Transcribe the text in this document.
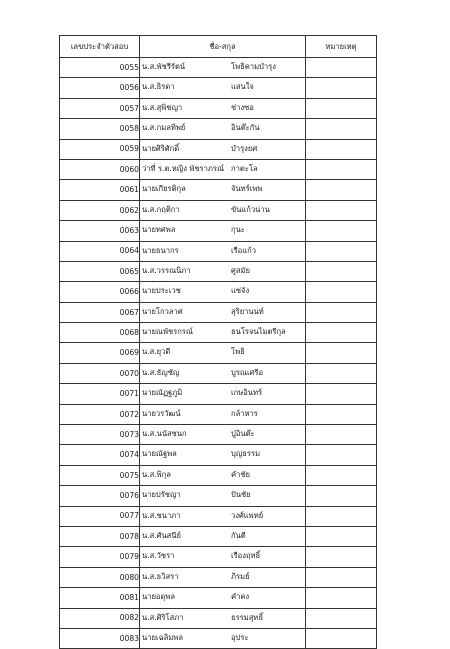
เลขประจำตัวสอบ	ชื่อ-สกุล	หมายเหตุ
0055	น.ส.พัชรีรัตน์ โพธิคามบำรุง	

0056	น.ส.ธิรดา แสนใจ	

0057	น.ส.สุพิชญา ช่างซอ	

0058	น.ส.กมลทิพย์ อินต๊ะกัน	

0059	นายศิริศักดิ์ บำรุงยศ	

0060	ว่าที่ ร.ต.หญิง พัชราภรณ์ กาตะโล	

0061	นายเกียรติกุล จันทร์เพพ	

0062	น.ส.กฤติกา ขันแก้วน่าน	

0063	นายทศพล กุนะ	

0064	นายธนากร เรือแก้ว	

0065	น.ส.วรรณนิภา ศูสมัย	

0066	นายประเวช แซ่จัง	

0067	นายโกวลาศ สุริยานนท์	

0068	นายณพัชรกรณ์ ธนโรจนไมตรีกุล	

0069	น.ส.ยุวดี โพธิ	

0070	น.ส.ธัญชัญ บูรณเศรีอ	

0071	นายณัฏฐภูมิ เกษอินทร์	

0072	นายวรวัฒน์ กล้าหาร	

0073	น.ส.นนัสชนก ปู่อินต๊ะ	

0074	นายณัฐพล บุญธรรม	

0075	น.ส.พิกุล คำชัย	

0076	นายปรัชญา ปันชัย	

0077	น.ส.ชนาภา วงศ์แพทย์	

0078	น.ส.ศันสนีย์ กันตี	

0079	น.ส.วัชรา เรืองฤทธิ์	

0080	น.ส.ธวิสรา ภิรมย์	

0081	นายอดุพล คำคง	

0082	น.ส.ศิริโสภา ธรรมสุทธิ์	

0083	นายเฉลิมพล อุประ	
